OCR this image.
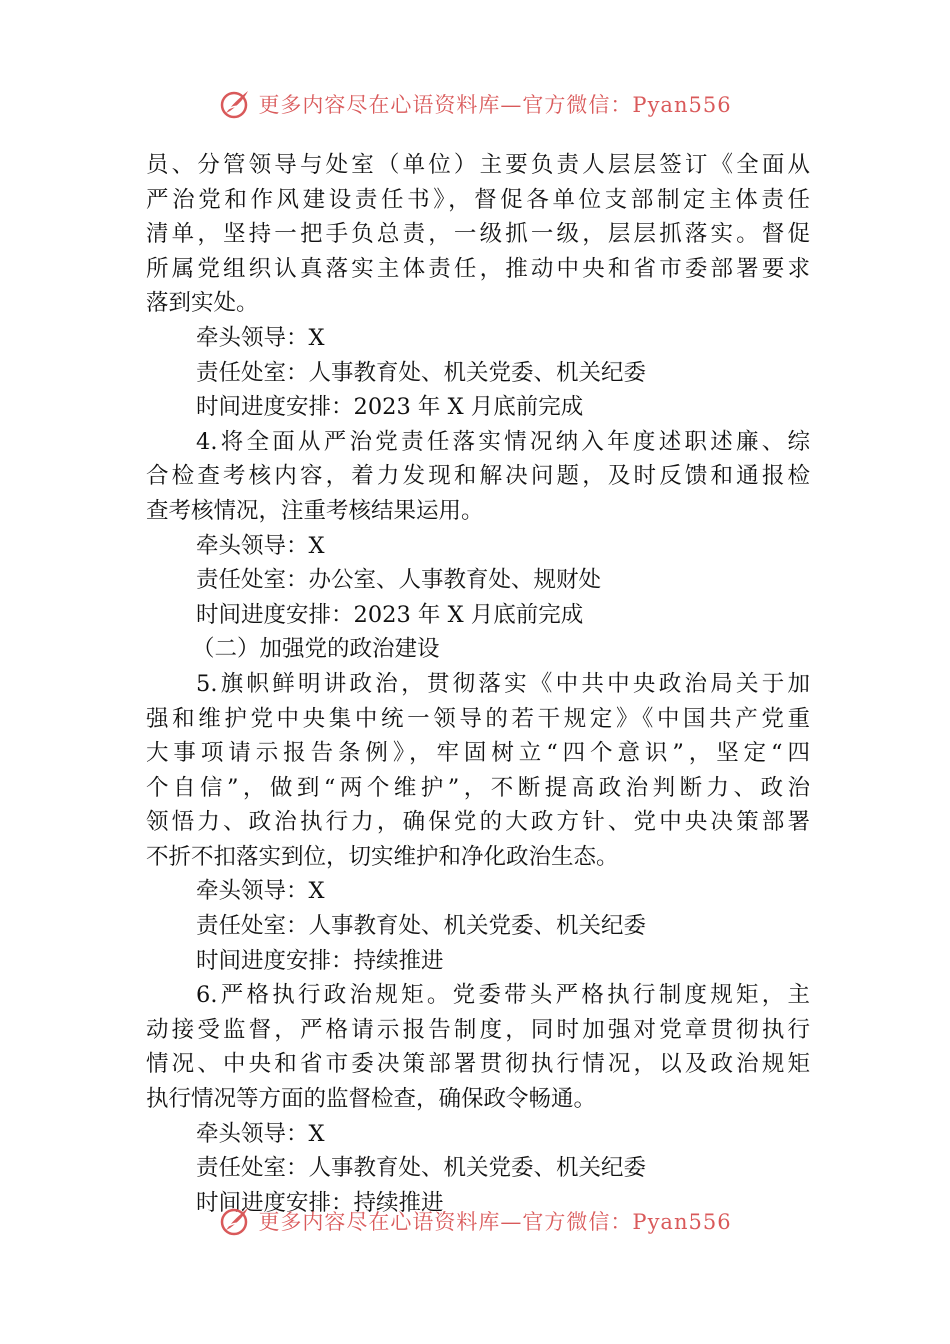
更多内容尽在心语资料库—官方微信：Pyan556
员、分管领导与处室（单位）主要负责人层层签订《全面从
严治党和作风建设责任书》，督促各单位支部制定主体责任
清单，坚持一把手负总责，一级抓一级，层层抓落实。督促
所属党组织认真落实主体责任，推动中央和省市委部署要求
落到实处。
牵头领导：X
责任处室：人事教育处、机关党委、机关纪委
时间进度安排：2023 年 X 月底前完成
4.将全面从严治党责任落实情况纳入年度述职述廉、综
合检查考核内容，着力发现和解决问题，及时反馈和通报检
查考核情况，注重考核结果运用。
牵头领导：X
责任处室：办公室、人事教育处、规财处
时间进度安排：2023 年 X 月底前完成
（二）加强党的政治建设
5.旗帜鲜明讲政治，贯彻落实《中共中央政治局关于加
强和维护党中央集中统一领导的若干规定》《中国共产党重
大事项请示报告条例》，牢固树立“四个意识”，坚定“四
个自信”，做到“两个维护”，不断提高政治判断力、政治
领悟力、政治执行力，确保党的大政方针、党中央决策部署
不折不扣落实到位，切实维护和净化政治生态。
牵头领导：X
责任处室：人事教育处、机关党委、机关纪委
时间进度安排：持续推进
6.严格执行政治规矩。党委带头严格执行制度规矩，主
动接受监督，严格请示报告制度，同时加强对党章贯彻执行
情况、中央和省市委决策部署贯彻执行情况，以及政治规矩
执行情况等方面的监督检查，确保政令畅通。
牵头领导：X
责任处室：人事教育处、机关党委、机关纪委
时间进度安排：持续推进
更多内容尽在心语资料库—官方微信：Pyan556
